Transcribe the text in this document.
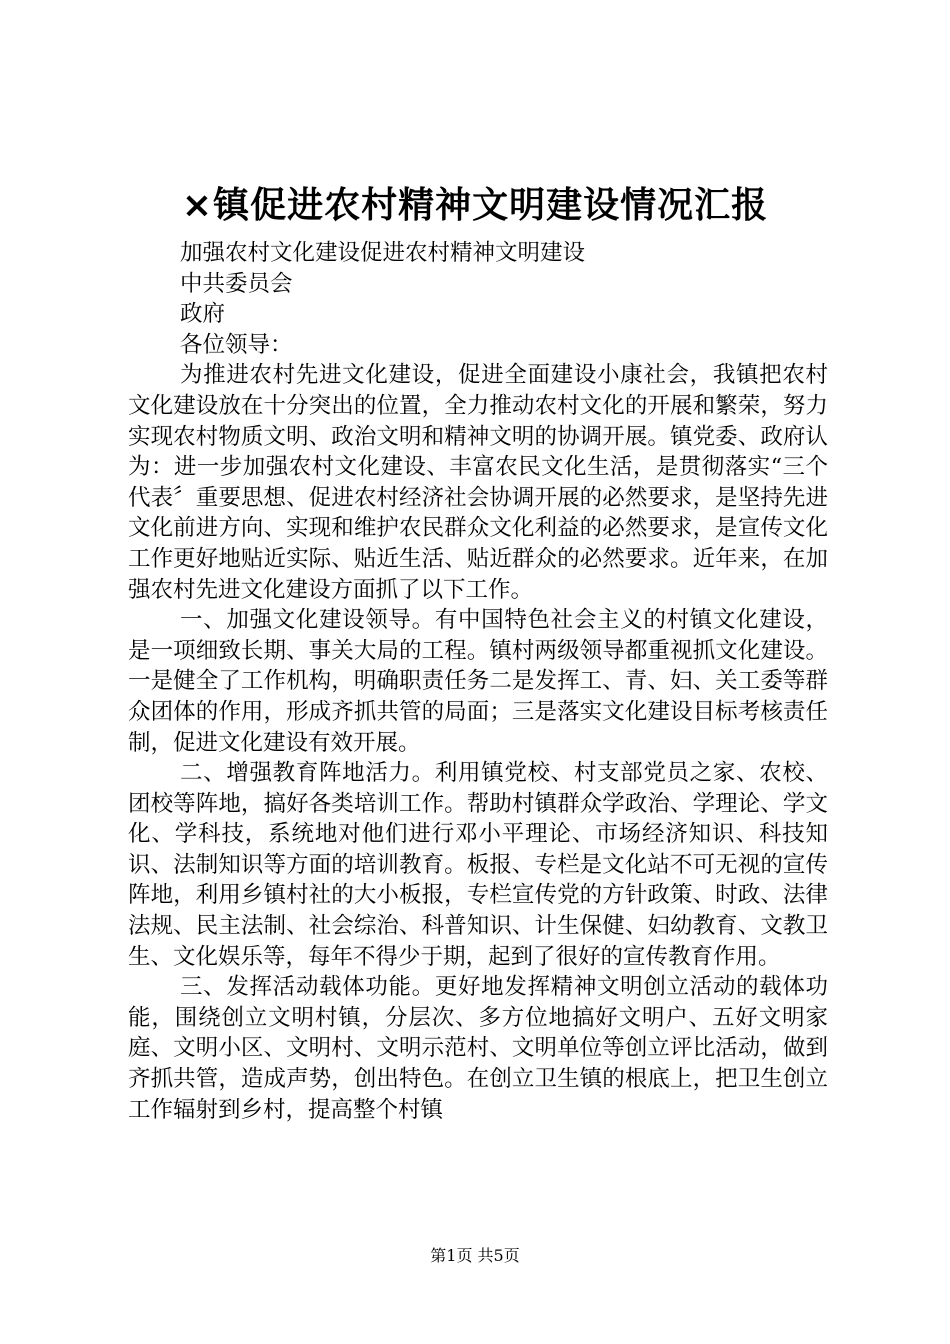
×镇促进农村精神文明建设情况汇报
加强农村文化建设促进农村精神文明建设
中共委员会
政府
各位领导：

为推进农村先进文化建设，促进全面建设小康社会，我镇把农村文化建设放在十分突出的位置，全力推动农村文化的开展和繁荣，努力实现农村物质文明、政治文明和精神文明的协调开展。镇党委、政府认为：进一步加强农村文化建设、丰富农民文化生活，是贯彻落实“三个代表〞重要思想、促进农村经济社会协调开展的必然要求，是坚持先进文化前进方向、实现和维护农民群众文化利益的必然要求，是宣传文化工作更好地贴近实际、贴近生活、贴近群众的必然要求。近年来，在加强农村先进文化建设方面抓了以下工作。

一、加强文化建设领导。有中国特色社会主义的村镇文化建设，是一项细致长期、事关大局的工程。镇村两级领导都重视抓文化建设。一是健全了工作机构，明确职责任务二是发挥工、青、妇、关工委等群众团体的作用，形成齐抓共管的局面；三是落实文化建设目标考核责任制，促进文化建设有效开展。

二、增强教育阵地活力。利用镇党校、村支部党员之家、农校、团校等阵地，搞好各类培训工作。帮助村镇群众学政治、学理论、学文化、学科技，系统地对他们进行邓小平理论、市场经济知识、科技知识、法制知识等方面的培训教育。板报、专栏是文化站不可无视的宣传阵地，利用乡镇村社的大小板报，专栏宣传党的方针政策、时政、法律法规、民主法制、社会综治、科普知识、计生保健、妇幼教育、文教卫生、文化娱乐等，每年不得少于期，起到了很好的宣传教育作用。

三、发挥活动载体功能。更好地发挥精神文明创立活动的载体功能，围绕创立文明村镇，分层次、多方位地搞好文明户、五好文明家庭、文明小区、文明村、文明示范村、文明单位等创立评比活动，做到齐抓共管，造成声势，创出特色。在创立卫生镇的根底上，把卫生创立工作辐射到乡村，提高整个村镇

第1页 共5页
